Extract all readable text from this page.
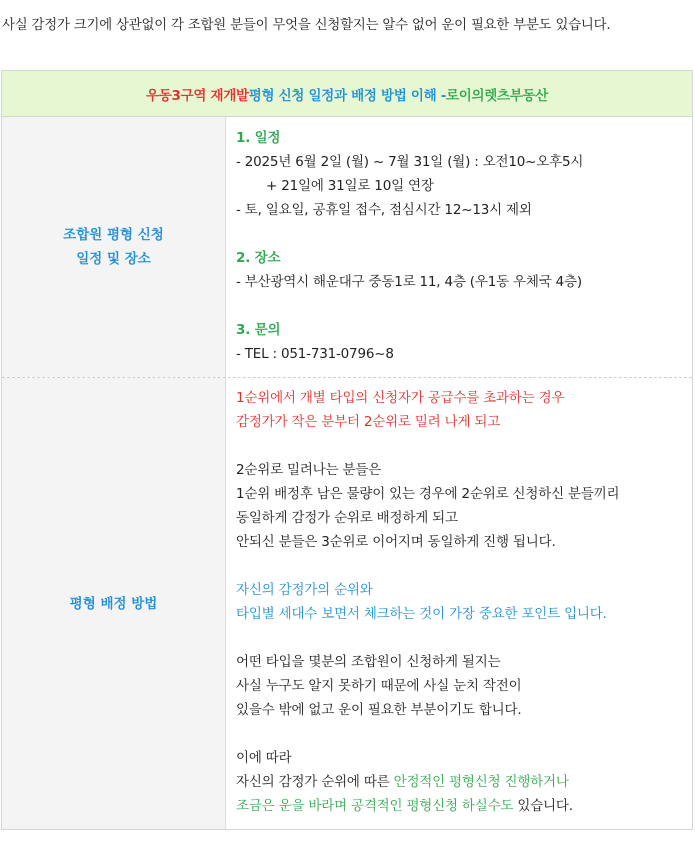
사실 감정가 크기에 상관없이 각 조합원 분들이 무엇을 신청할지는 알수 없어 운이 필요한 부분도 있습니다.
우동3구역 재개발 평형 신청 일정과 배정 방법 이해 - 로이의렛츠부동산
조합원 평형 신청
일정 및 장소
1. 일정
- 2025년 6월 2일 (월) ~ 7월 31일 (월) : 오전10~오후5시
+ 21일에 31일로 10일 연장
- 토, 일요일, 공휴일 접수, 점심시간 12~13시 제외
2. 장소
- 부산광역시 해운대구 중동1로 11, 4층 (우1동 우체국 4층)
3. 문의
- TEL : 051-731-0796~8
평형 배정 방법
1순위에서 개별 타입의 신청자가 공급수를 초과하는 경우
감정가가 작은 분부터 2순위로 밀려 나게 되고
2순위로 밀려나는 분들은
1순위 배정후 남은 물량이 있는 경우에 2순위로 신청하신 분들끼리
동일하게 감정가 순위로 배정하게 되고
안되신 분들은 3순위로 이어지며 동일하게 진행 됩니다.
자신의 감정가의 순위와
타입별 세대수 보면서 체크하는 것이 가장 중요한 포인트 입니다.
어떤 타입을 몇분의 조합원이 신청하게 될지는
사실 누구도 알지 못하기 때문에 사실 눈치 작전이
있을수 밖에 없고 운이 필요한 부분이기도 합니다.
이에 따라
자신의 감정가 순위에 따른 안정적인 평형신청 진행하거나
조금은 운을 바라며 공격적인 평형신청 하실수도 있습니다.
